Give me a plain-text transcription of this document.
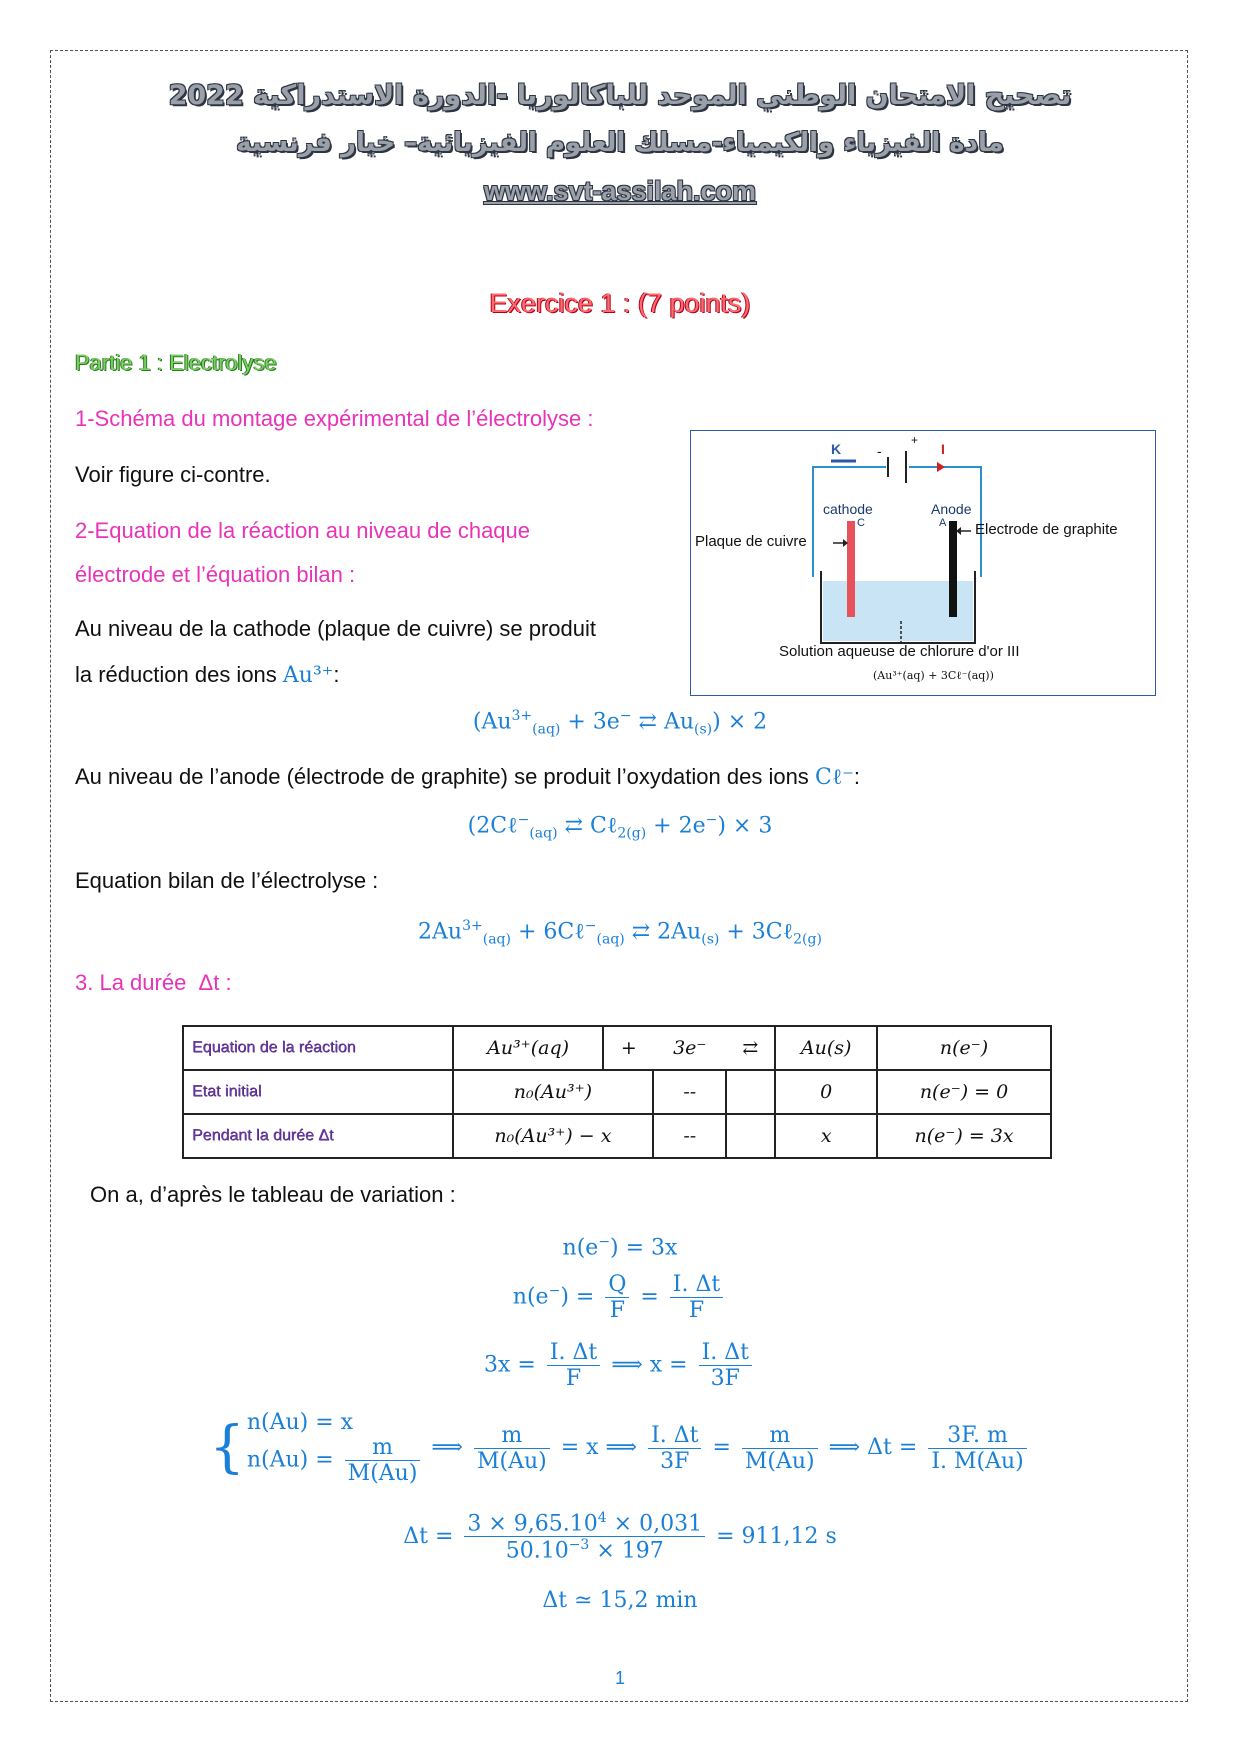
تصحيح الامتحان الوطني الموحد للباكالوريا -الدورة الاستدراكية 2022
مادة الفيزياء والكيمياء-مسلك العلوم الفيزيائية– خيار فرنسية
www.svt-assilah.com
Exercice 1 : (7 points)
Partie 1 : Electrolyse
1-Schéma du montage expérimental de l’électrolyse :
Voir figure ci-contre.
2-Equation de la réaction au niveau de chaque
électrode et l’équation bilan :
Au niveau de la cathode (plaque de cuivre) se produit
la réduction des ions Au³⁺:
K	-
+
I
cathode
C
Anode
A
Plaque de cuivre
Electrode de graphite
Solution aqueuse de chlorure d'or III
(Au³⁺(aq) + 3Cℓ⁻(aq))
($Au^{3+}_{(aq)} + 3e^-$ ⇄ $Au_{(s)}) \times 2$
Au niveau de l’anode (électrode de graphite) se produit l’oxydation des ions Cℓ⁻:
(2Cℓ−$_{(aq)}$ ⇄ Cℓ$_{2(g)}$ + 2e−) × 3
Equation bilan de l’électrolyse :
$2Au^{3+}_{(aq)}$ + 6Cℓ−$_{(aq)}$ ⇄ $2Au_{(s)}$ + 3Cℓ$_{2(g)}$
3. La durée Δt :
Equation de la réaction	Au³⁺(aq)	+	3e⁻	⇄	Au(s)	n(e⁻)
Etat initial	n₀(Au³⁺)		--		0	n(e⁻) = 0
Pendant la durée Δt	n₀(Au³⁺) − x		--		x	n(e⁻) = 3x
On a, d’après le tableau de variation :
n(e−) = 3x
$n(e^-) = \frac{Q}{F} = \frac{I. \Delta t}{F}$
$3x = \frac{I. \Delta t}{F}$ ⟹ $x = \frac{I. \Delta t}{3F}$
{n(Au) = x
$n(Au) = \frac{m}{M(Au)}$ ⟹ $\frac{m}{M(Au)} = x$ ⟹ $\frac{I. \Delta t}{3F} = \frac{m}{M(Au)}$ ⟹ $\Delta t = \frac{3F. m}{I. M(Au)}$
$\Delta t = \frac{3 \times 9,65.10^4 \times 0,031}{50.10^{-3} \times 197} = 911,12$ s
Δt ≃ 15,2 min
1
